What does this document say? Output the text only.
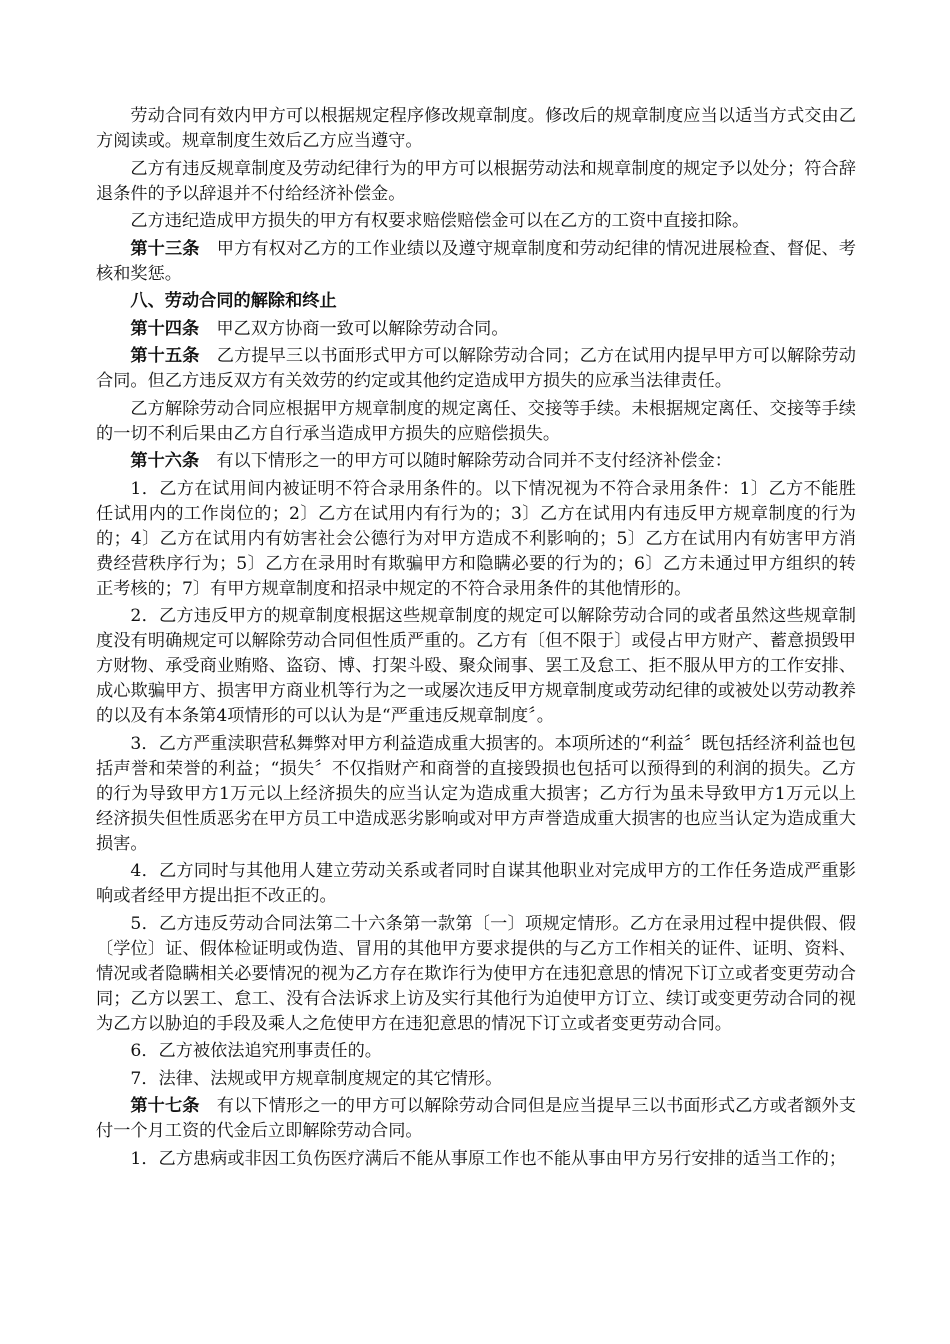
劳动合同有效内甲方可以根据规定程序修改规章制度。修改后的规章制度应当以适当方式交由乙方阅读或。规章制度生效后乙方应当遵守。

乙方有违反规章制度及劳动纪律行为的甲方可以根据劳动法和规章制度的规定予以处分；符合辞退条件的予以辞退并不付给经济补偿金。

乙方违纪造成甲方损失的甲方有权要求赔偿赔偿金可以在乙方的工资中直接扣除。

第十三条　 甲方有权对乙方的工作业绩以及遵守规章制度和劳动纪律的情况进展检查、督促、考核和奖惩。

八、劳动合同的解除和终止

第十四条　 甲乙双方协商一致可以解除劳动合同。

第十五条　 乙方提早三以书面形式甲方可以解除劳动合同；乙方在试用内提早甲方可以解除劳动合同。但乙方违反双方有关效劳的约定或其他约定造成甲方损失的应承当法律责任。

乙方解除劳动合同应根据甲方规章制度的规定离任、交接等手续。未根据规定离任、交接等手续的一切不利后果由乙方自行承当造成甲方损失的应赔偿损失。

第十六条　 有以下情形之一的甲方可以随时解除劳动合同并不支付经济补偿金：

1．乙方在试用间内被证明不符合录用条件的。以下情况视为不符合录用条件：1〕乙方不能胜任试用内的工作岗位的；2〕乙方在试用内有行为的；3〕乙方在试用内有违反甲方规章制度的行为的；4〕乙方在试用内有妨害社会公德行为对甲方造成不利影响的；5〕乙方在试用内有妨害甲方消费经营秩序行为；5〕乙方在录用时有欺骗甲方和隐瞒必要的行为的；6〕乙方未通过甲方组织的转正考核的；7〕有甲方规章制度和招录中规定的不符合录用条件的其他情形的。

2．乙方违反甲方的规章制度根据这些规章制度的规定可以解除劳动合同的或者虽然这些规章制度没有明确规定可以解除劳动合同但性质严重的。乙方有〔但不限于〕或侵占甲方财产、蓄意损毁甲方财物、承受商业贿赂、盗窃、博、打架斗殴、聚众闹事、罢工及怠工、拒不服从甲方的工作安排、成心欺骗甲方、损害甲方商业机等行为之一或屡次违反甲方规章制度或劳动纪律的或被处以劳动教养的以及有本条第4项情形的可以认为是“严重违反规章制度〞。

3．乙方严重渎职营私舞弊对甲方利益造成重大损害的。本项所述的“利益〞既包括经济利益也包括声誉和荣誉的利益；“损失〞不仅指财产和商誉的直接毁损也包括可以预得到的利润的损失。乙方的行为导致甲方1万元以上经济损失的应当认定为造成重大损害；乙方行为虽未导致甲方1万元以上经济损失但性质恶劣在甲方员工中造成恶劣影响或对甲方声誉造成重大损害的也应当认定为造成重大损害。

4．乙方同时与其他用人建立劳动关系或者同时自谋其他职业对完成甲方的工作任务造成严重影响或者经甲方提出拒不改正的。

5．乙方违反劳动合同法第二十六条第一款第〔一〕项规定情形。乙方在录用过程中提供假、假〔学位〕证、假体检证明或伪造、冒用的其他甲方要求提供的与乙方工作相关的证件、证明、资料、情况或者隐瞒相关必要情况的视为乙方存在欺诈行为使甲方在违犯意思的情况下订立或者变更劳动合同；乙方以罢工、怠工、没有合法诉求上访及实行其他行为迫使甲方订立、续订或变更劳动合同的视为乙方以胁迫的手段及乘人之危使甲方在违犯意思的情况下订立或者变更劳动合同。

6．乙方被依法追究刑事责任的。

7．法律、法规或甲方规章制度规定的其它情形。

第十七条　 有以下情形之一的甲方可以解除劳动合同但是应当提早三以书面形式乙方或者额外支付一个月工资的代金后立即解除劳动合同。

1．乙方患病或非因工负伤医疗满后不能从事原工作也不能从事由甲方另行安排的适当工作的；
